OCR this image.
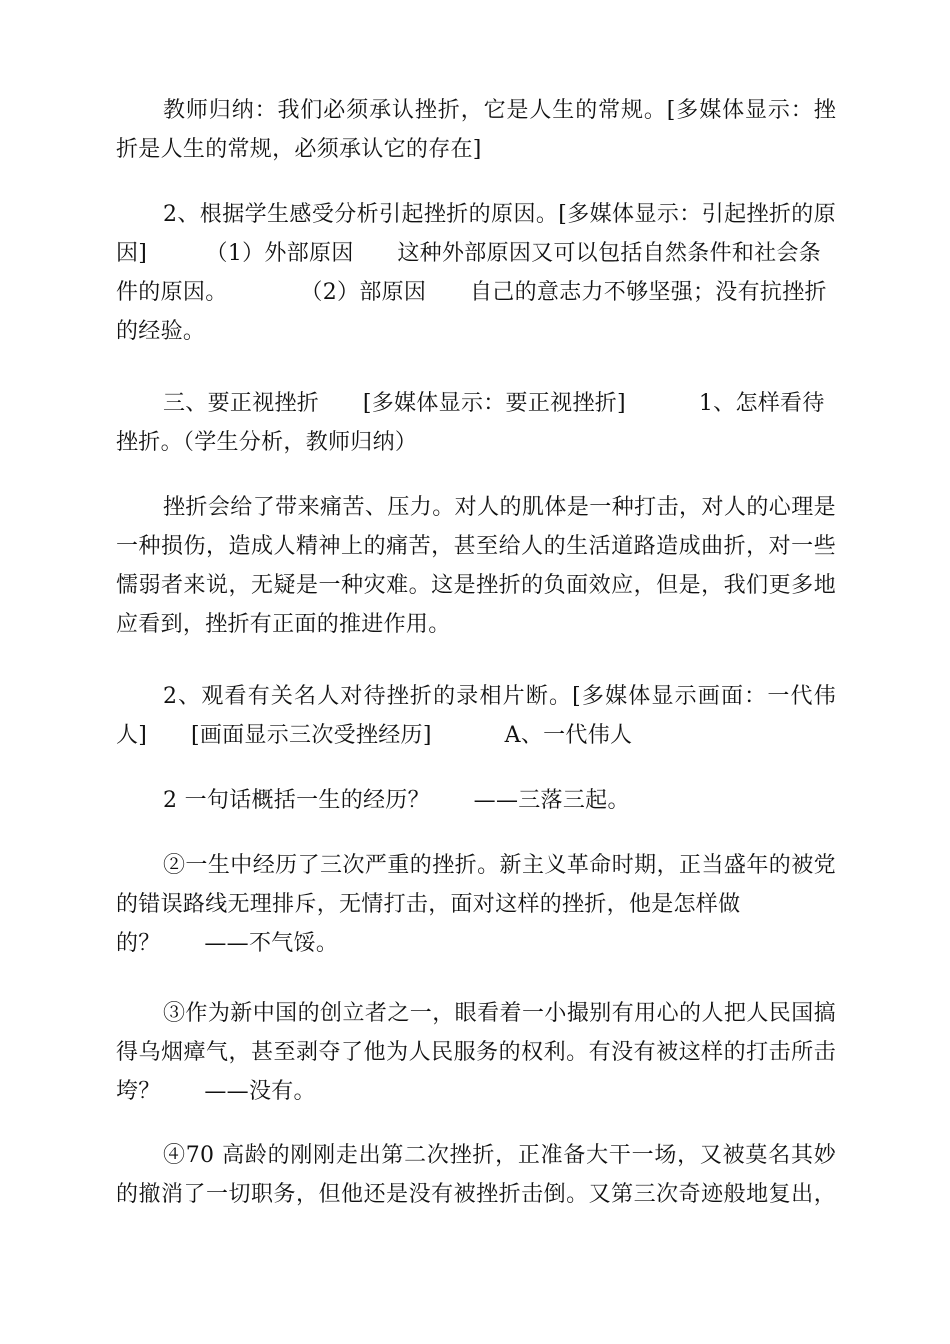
教师归纳：我们必须承认挫折，它是人生的常规。[多媒体显示：挫
折是人生的常规，必须承认它的存在]
2、根据学生感受分析引起挫折的原因。[多媒体显示：引起挫折的原
因]        （1）外部原因      这种外部原因又可以包括自然条件和社会条
件的原因。          （2）部原因      自己的意志力不够坚强；没有抗挫折
的经验。
三、要正视挫折      [多媒体显示：要正视挫折]          1、怎样看待
挫折。（学生分析，教师归纳）
挫折会给了带来痛苦、压力。对人的肌体是一种打击，对人的心理是
一种损伤，造成人精神上的痛苦，甚至给人的生活道路造成曲折，对一些
懦弱者来说，无疑是一种灾难。这是挫折的负面效应，但是，我们更多地
应看到，挫折有正面的推进作用。
2、观看有关名人对待挫折的录相片断。[多媒体显示画面：一代伟
人]      [画面显示三次受挫经历]          A、一代伟人
2 一句话概括一生的经历？      ——三落三起。
②一生中经历了三次严重的挫折。新主义革命时期，正当盛年的被党
的错误路线无理排斥，无情打击，面对这样的挫折，他是怎样做
的？      ——不气馁。
③作为新中国的创立者之一，眼看着一小撮别有用心的人把人民国搞
得乌烟瘴气，甚至剥夺了他为人民服务的权利。有没有被这样的打击所击
垮？      ——没有。
④70 高龄的刚刚走出第二次挫折，正准备大干一场，又被莫名其妙
的撤消了一切职务，但他还是没有被挫折击倒。又第三次奇迹般地复出，
